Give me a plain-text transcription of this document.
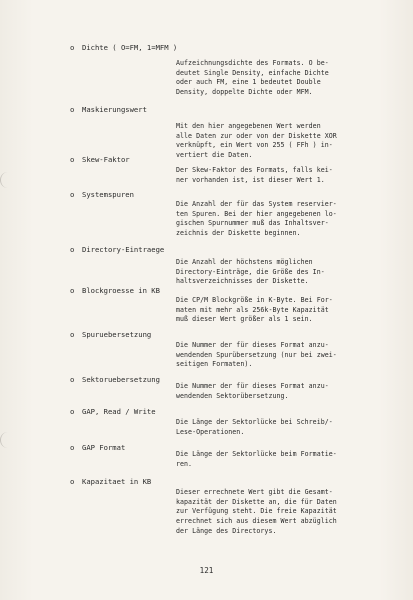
o Dichte ( O=FM, 1=MFM )
Aufzeichnungsdichte des Formats. O be-
deutet Single Density, einfache Dichte
oder auch FM, eine 1 bedeutet Double
Density, doppelte Dichte oder MFM.
o Maskierungswert
Mit den hier angegebenen Wert werden
alle Daten zur oder von der Diskette XOR
verknüpft, ein Wert von 255 ( FFh ) in-
vertiert die Daten.
o Skew-Faktor
Der Skew-Faktor des Formats, falls kei-
ner vorhanden ist, ist dieser Wert 1.
o Systemspuren
Die Anzahl der für das System reservier-
ten Spuren. Bei der hier angegebenen lo-
gischen Spurnummer muß das Inhaltsver-
zeichnis der Diskette beginnen.
o Directory-Eintraege
Die Anzahl der höchstens möglichen
Directory-Einträge, die Größe des In-
haltsverzeichnisses der Diskette.
o Blockgroesse in KB
Die CP/M Blockgröße in K-Byte. Bei For-
maten mit mehr als 256k-Byte Kapazität
muß dieser Wert größer als 1 sein.
o Spuruebersetzung
Die Nummer der für dieses Format anzu-
wendenden Spurübersetzung (nur bei zwei-
seitigen Formaten).
o Sektoruebersetzung
Die Nummer der für dieses Format anzu-
wendenden Sektorübersetzung.
o GAP, Read / Write
Die Länge der Sektorlücke bei Schreib/-
Lese-Operationen.
o GAP Format
Die Länge der Sektorlücke beim Formatie-
ren.
o Kapazitaet in KB
Dieser errechnete Wert gibt die Gesamt-
kapazität der Diskette an, die für Daten
zur Verfügung steht. Die freie Kapazität
errechnet sich aus diesem Wert abzüglich
der Länge des Directorys.
121
